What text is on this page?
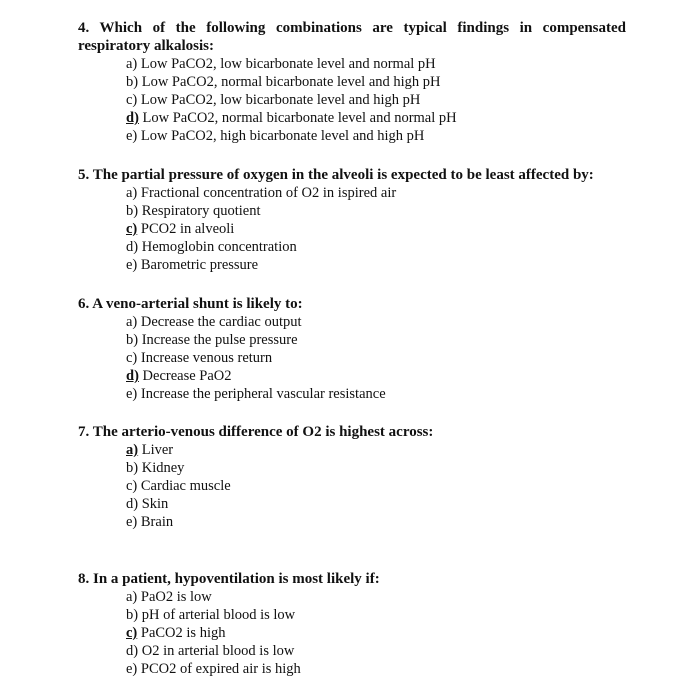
4. Which of the following combinations are typical findings in compensated respiratory alkalosis:

a) Low PaCO2, low bicarbonate level and normal pH
b) Low PaCO2, normal bicarbonate level and high pH
c) Low PaCO2, low bicarbonate level and high pH
d) Low PaCO2, normal bicarbonate level and normal pH
e) Low PaCO2, high bicarbonate level and high pH

5. The partial pressure of oxygen in the alveoli is expected to be least affected by:

a) Fractional concentration of O2 in ispired air
b) Respiratory quotient
c) PCO2 in alveoli
d) Hemoglobin concentration
e) Barometric pressure

6. A veno-arterial shunt is likely to:

a) Decrease the cardiac output
b) Increase the pulse pressure
c) Increase venous return
d) Decrease PaO2
e) Increase the peripheral vascular resistance

7. The arterio-venous difference of O2 is highest across:

a) Liver
b) Kidney
c) Cardiac muscle
d) Skin
e) Brain

8. In a patient, hypoventilation is most likely if:

a) PaO2 is low
b) pH of arterial blood is low
c) PaCO2 is high
d) O2 in arterial blood is low
e) PCO2 of expired air is high
